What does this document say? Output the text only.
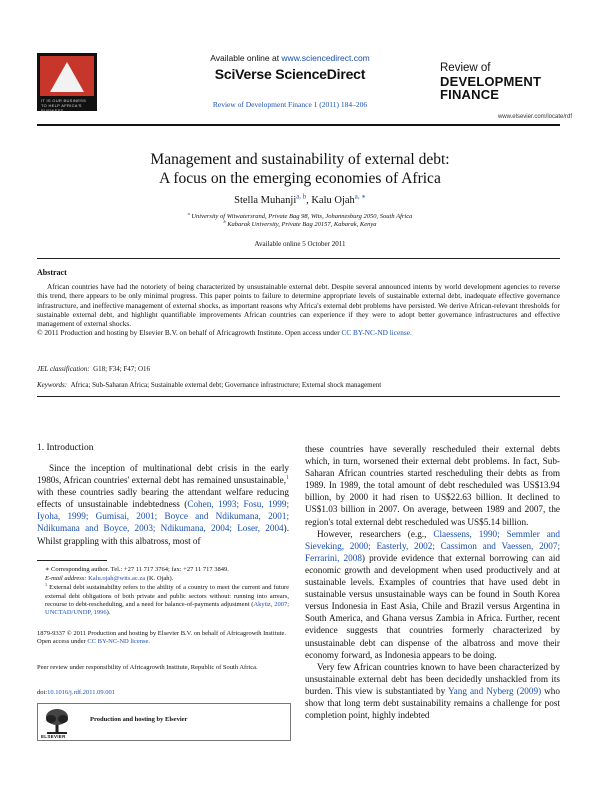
IT IS OUR BUSINESS TO HELP AFRICA'S BUSINESS
Available online at www.sciencedirect.com
SciVerse ScienceDirect
Review of Development Finance 1 (2011) 184–206
Review of
DEVELOPMENT
FINANCE
www.elsevier.com/locate/rdf
Management and sustainability of external debt:
A focus on the emerging economies of Africa
Stella Muhanji$^{a, b}$, Kalu Ojah$^{a, ∗}$
$^a$ University of Witwatersrand, Private Bag 98, Wits, Johannesburg 2050, South Africa
$^b$ Kabarak University, Private Bag 20157, Kabarak, Kenya
Available online 5 October 2011
Abstract

African countries have had the notoriety of being characterized by unsustainable external debt. Despite several announced intents by world development agencies to reverse this trend, there appears to be only minimal progress. This paper points to failure to determine appropriate levels of sustainable external debt, inadequate effective governance infrastructure, and ineffective management of external shocks, as important reasons why Africa's external debt problems have persisted. We derive African-relevant thresholds for sustainable external debt, and highlight quantifiable improvements African countries can experience if they were to adopt better governance infrastructures and effective management of external shocks.

© 2011 Production and hosting by Elsevier B.V. on behalf of Africagrowth Institute. Open access under CC BY-NC-ND license.

JEL classification: G18; F34; F47; O16
Keywords: Africa; Sub-Saharan Africa; Sustainable external debt; Governance infrastructure; External shock management
1. Introduction

Since the inception of multinational debt crisis in the early 1980s, African countries' external debt has remained unsustainable,$^1$ with these countries sadly bearing the attendant welfare reducing effects of unsustainable indebtedness (Cohen, 1993; Fosu, 1999; Iyoha, 1999; Gumisai, 2001; Boyce and Ndikumana, 2001; Ndikumana and Boyce, 2003; Ndikumana, 2004; Loser, 2004). Whilst grappling with this albatross, most of

these countries have severally rescheduled their external debts which, in turn, worsened their external debt problems. In fact, Sub-Saharan African countries started rescheduling their debts as from 1989. In 1989, the total amount of debt rescheduled was US$13.94 billion, by 2000 it had risen to US$22.63 billion. It declined to US$1.03 billion in 2007. On average, between 1989 and 2007, the region's total external debt rescheduled was US$5.14 billion.

However, researchers (e.g., Claessens, 1990; Semmler and Sieveking, 2000; Easterly, 2002; Cassimon and Vaessen, 2007; Ferrarini, 2008) provide evidence that external borrowing can aid economic growth and development when used productively and at sustainable levels. Examples of countries that have used debt in sustainable versus unsustainable ways can be found in South Korea versus Indonesia in East Asia, Chile and Brazil versus Argentina in South America, and Ghana versus Zambia in Africa. Further, recent evidence suggests that countries formerly characterized by unsustainable debt can dispense of the albatross and move their economy forward, as Indonesia appears to be doing.

Very few African countries known to have been characterized by unsustainable external debt has been decidedly unshackled from its burden. This view is substantiated by Yang and Nyberg (2009) who show that long term debt sustainability remains a challenge for post completion point, highly indebted

∗ Corresponding author. Tel.: +27 11 717 3764; fax: +27 11 717 3849.

E-mail address: Kalu.ojah@wits.ac.za (K. Ojah).

$^1$ External debt sustainability refers to the ability of a country to meet the current and future external debt obligations of both private and public sectors without: running into arrears, recourse to debt-rescheduling, and a need for balance-of-payments adjustment (Akyüz, 2007; UNCTAD/UNDP, 1996).

1879-9337 © 2011 Production and hosting by Elsevier B.V. on behalf of Africagrowth Institute. Open access under CC BY-NC-ND license.
Peer review under responsibility of Africagrowth Institute, Republic of South Africa.
doi:10.1016/j.rdf.2011.09.001
ELSEVIER
Production and hosting by Elsevier
